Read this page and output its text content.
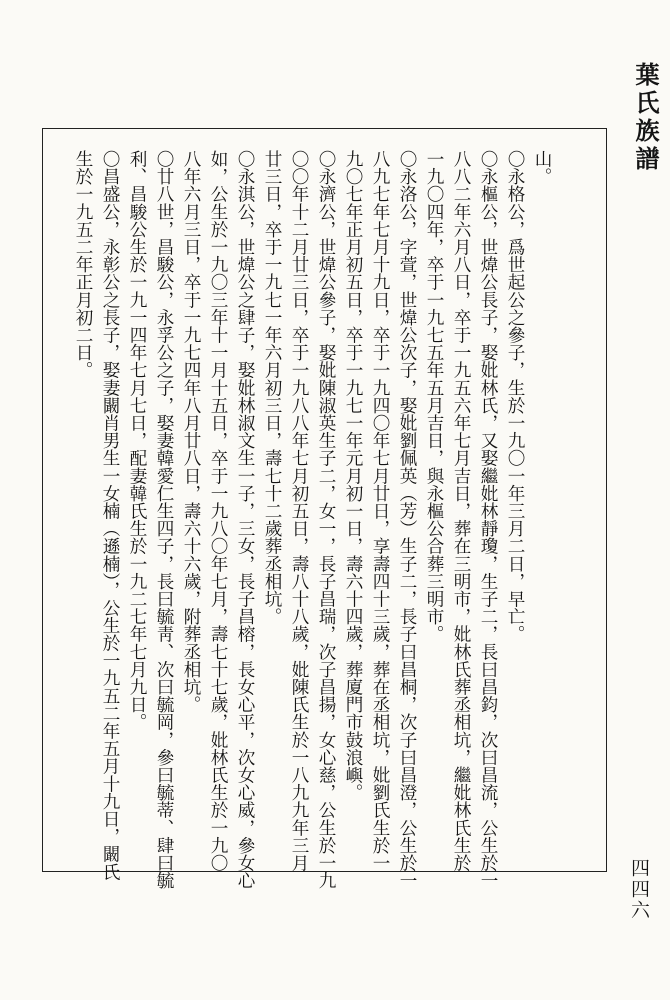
葉氏族譜
山。
〇永格公，爲世起公之參子，生於一九〇一年三月二日，早亡。
〇永樞公，世煒公長子，娶妣林氏，又娶繼妣林靜瓊，生子二，長曰昌鈞，次曰昌流，公生於一
八八二年六月八日，卒于一九五六年七月吉日，葬在三明市，妣林氏葬丞相坑，繼妣林氏生於
一九〇四年，卒于一九七五年五月吉日，與永樞公合葬三明市。
〇永洛公，字萱，世煒公次子，娶妣劉佩英（芳）生子二，長子曰昌桐，次子曰昌澄，公生於一
八九七年七月十九日，卒于一九四〇年七月廿日，享壽四十三歲，葬在丞相坑，妣劉氏生於一
九〇七年正月初五日，卒于一九七一年元月初一日，壽六十四歲，葬廈門市鼓浪嶼。
〇永濟公，世煒公參子，娶妣陳淑英生子二，女一，長子昌瑞，次子昌揚，女心慈，公生於一九
〇〇年十二月廿三日，卒于一九八八年七月初五日，壽八十八歲，妣陳氏生於一八九九年三月
廿三日，卒于一九七一年六月初三日，壽七十二歲葬丞相坑。
〇永淇公，世煒公之肆子，娶妣林淑文生一子，三女，長子昌榕，長女心平，次女心威，參女心
如，公生於一九〇三年十一月十五日，卒于一九八〇年七月，壽七十七歲，妣林氏生於一九〇
八年六月三日，卒于一九七四年八月廿八日，壽六十六歲，附葬丞相坑。
〇廿八世，昌駿公，永孚公之子，娶妻韓愛仁生四子，長曰毓靑、次曰毓岡，參曰毓蒂、肆曰毓
利、昌駿公生於一九一四年七月七日，配妻韓氏生於一九二七年七月九日。
〇昌盛公，永彰公之長子，娶妻闞肖男生一女楠（遜楠），公生於一九五二年五月十九日，闞氏
生於一九五二年正月初二日。
四四六
